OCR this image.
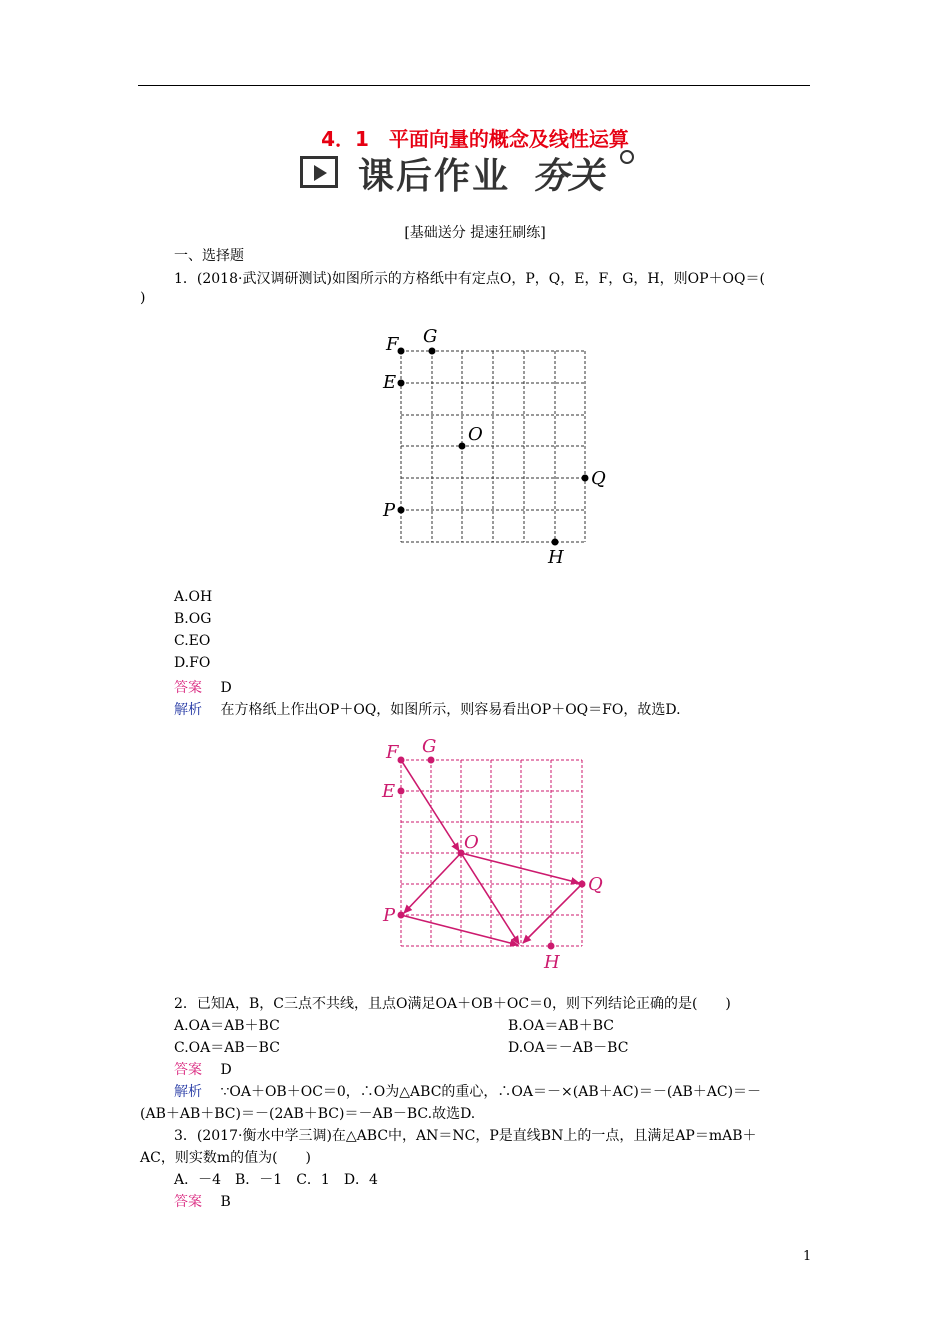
4．1　平面向量的概念及线性运算
课后作业 夯关
[基础送分 提速狂刷练]
一、选择题
1．(2018·武汉调研测试)如图所示的方格纸中有定点O，P，Q，E，F，G，H，则OP＋OQ＝(
)
F G
E
O
Q
P
H
A.OH
B.OG
C.EO
D.FO
答案 D
解析 在方格纸上作出OP＋OQ，如图所示，则容易看出OP＋OQ＝FO，故选D.
F G
E
O
Q
P
H
2．已知A，B，C三点不共线，且点O满足OA＋OB＋OC＝0，则下列结论正确的是(　　)
A.OA＝AB＋BC	B.OA＝AB＋BC
C.OA＝AB－BC	D.OA＝－AB－BC
答案 D
解析 ∵OA＋OB＋OC＝0，∴O为△ABC的重心，∴OA＝－×(AB＋AC)＝－(AB＋AC)＝－
(AB＋AB＋BC)＝－(2AB＋BC)＝－AB－BC.故选D.
3．(2017·衡水中学三调)在△ABC中，AN＝NC，P是直线BN上的一点，且满足AP＝mAB＋
AC，则实数m的值为(　　)
A．－4　B．－1　C．1　D．4
答案 B
1
